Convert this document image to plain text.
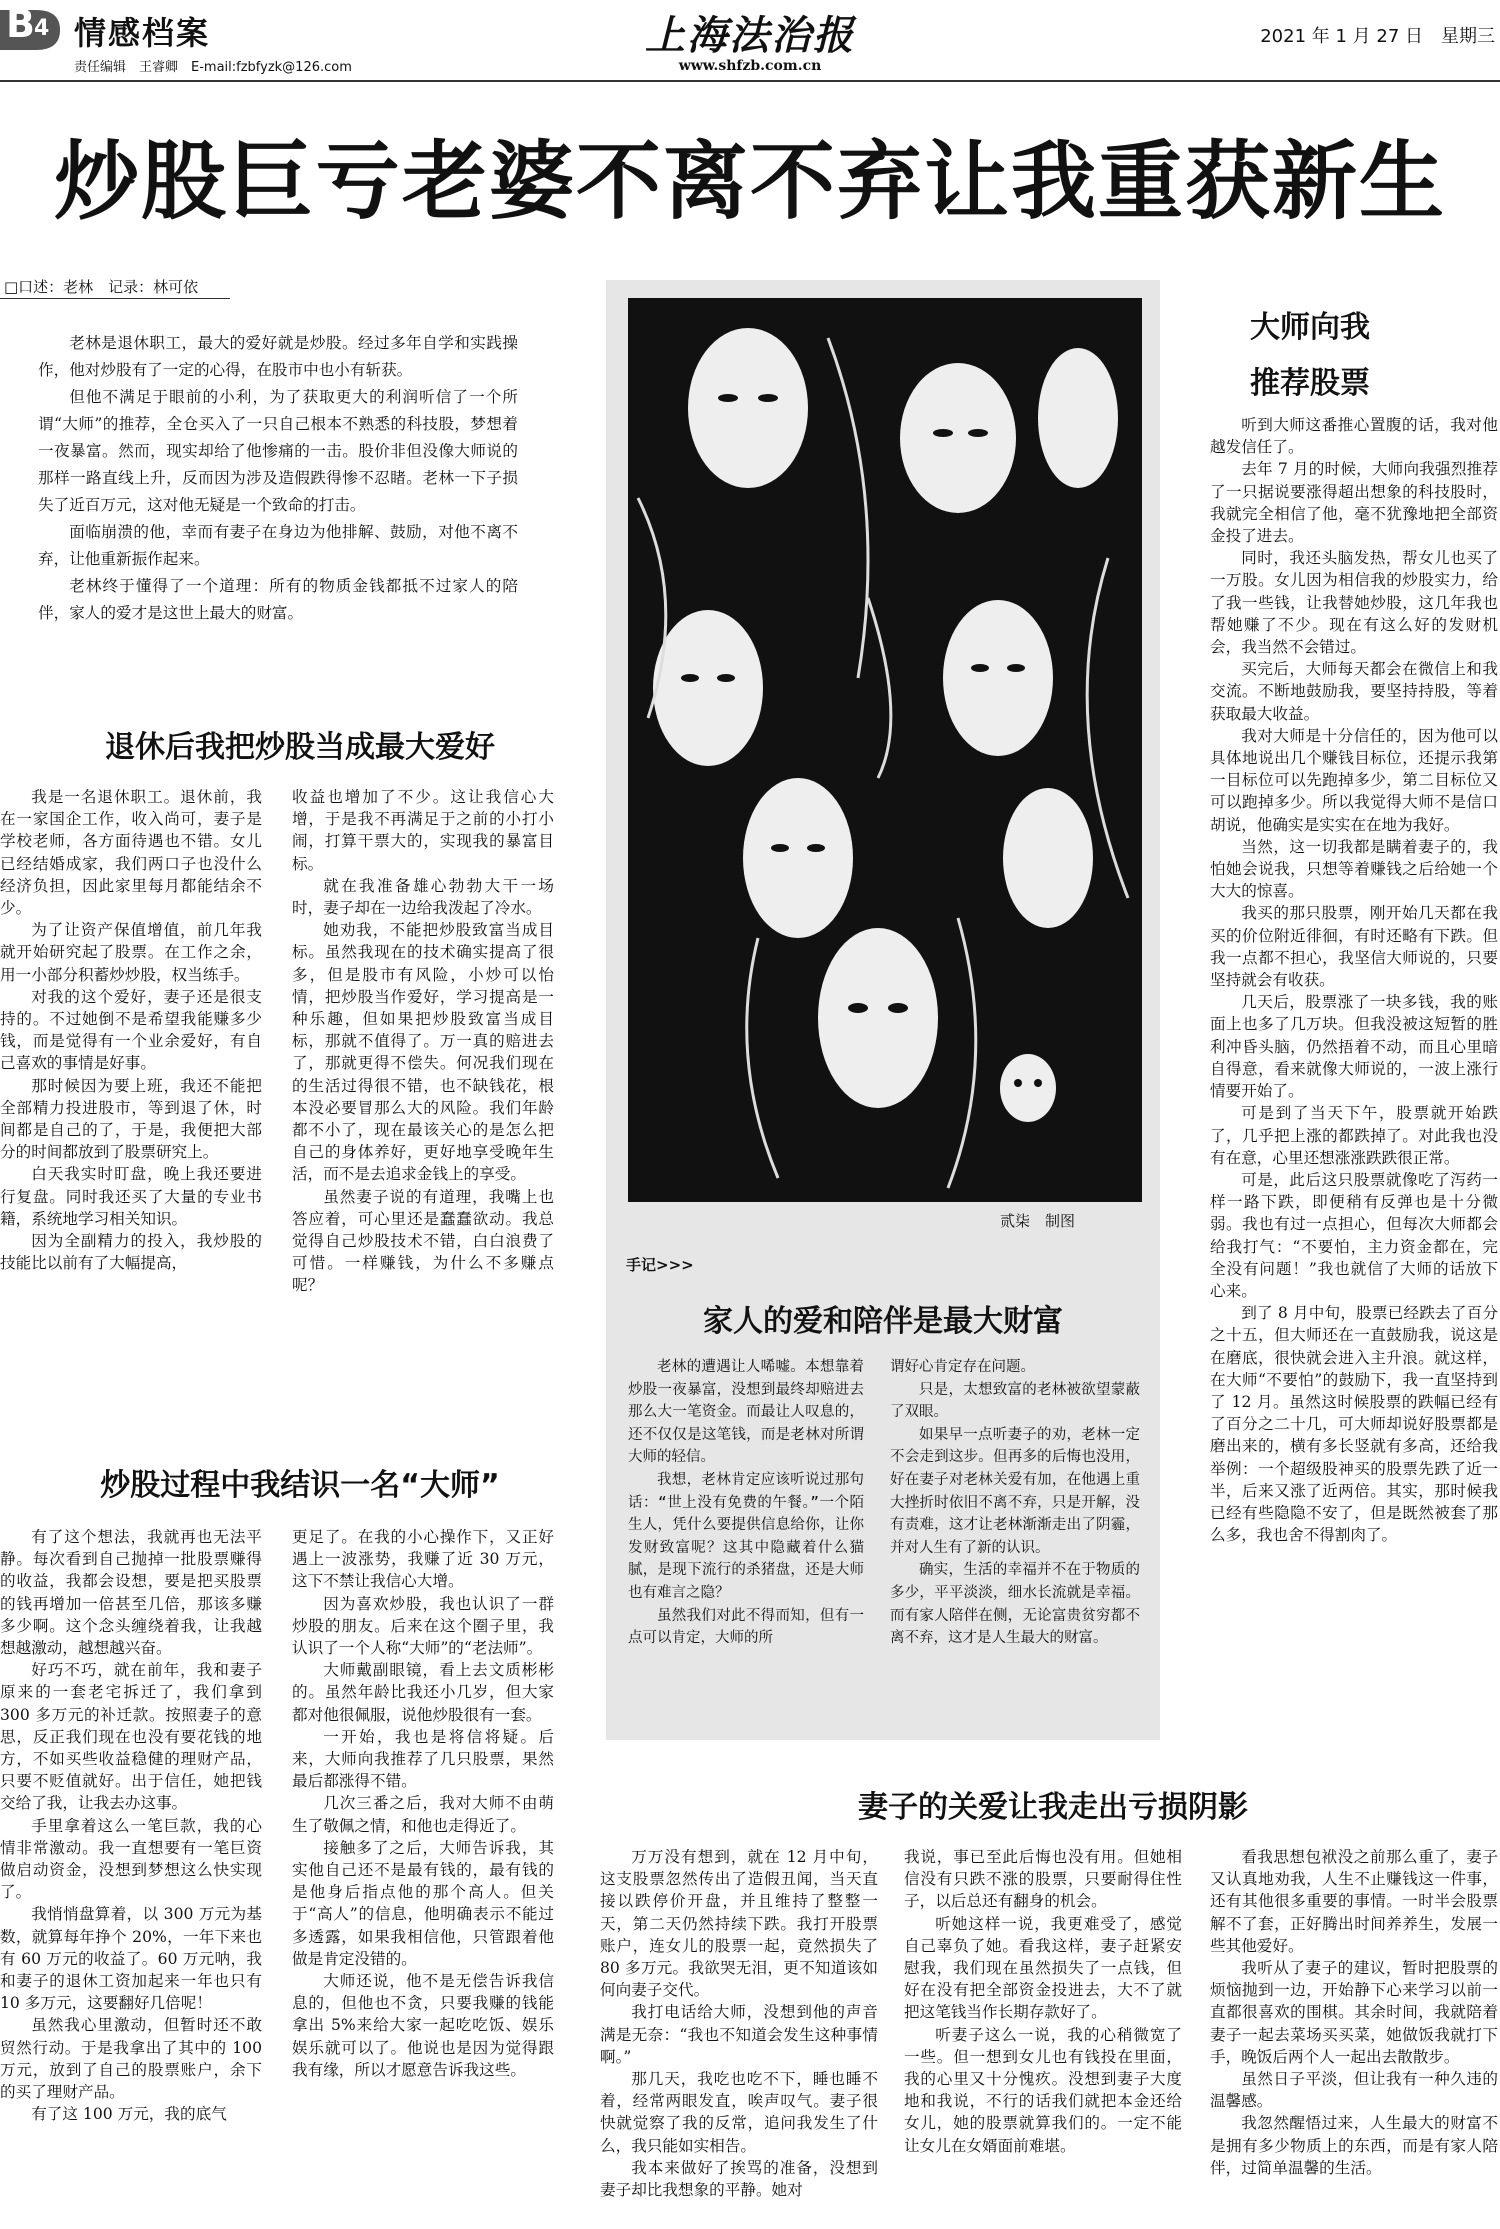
B 4 情感档案
责任编辑　王睿卿　E-mail:fzbfyzk@126.com
上海法治报
www.shfzb.com.cn
2021 年 1 月 27 日　星期三
炒股巨亏老婆不离不弃让我重获新生
□口述：老林　记录：林可依

老林是退休职工，最大的爱好就是炒股。经过多年自学和实践操作，他对炒股有了一定的心得，在股市中也小有斩获。

但他不满足于眼前的小利，为了获取更大的利润听信了一个所谓“大师”的推荐，全仓买入了一只自己根本不熟悉的科技股，梦想着一夜暴富。然而，现实却给了他惨痛的一击。股价非但没像大师说的那样一路直线上升，反而因为涉及造假跌得惨不忍睹。老林一下子损失了近百万元，这对他无疑是一个致命的打击。

面临崩溃的他，幸而有妻子在身边为他排解、鼓励，对他不离不弃，让他重新振作起来。

老林终于懂得了一个道理：所有的物质金钱都抵不过家人的陪伴，家人的爱才是这世上最大的财富。

退休后我把炒股当成最大爱好

我是一名退休职工。退休前，我在一家国企工作，收入尚可，妻子是学校老师，各方面待遇也不错。女儿已经结婚成家，我们两口子也没什么经济负担，因此家里每月都能结余不少。

为了让资产保值增值，前几年我就开始研究起了股票。在工作之余，用一小部分积蓄炒炒股，权当练手。

对我的这个爱好，妻子还是很支持的。不过她倒不是希望我能赚多少钱，而是觉得有一个业余爱好，有自己喜欢的事情是好事。

那时候因为要上班，我还不能把全部精力投进股市，等到退了休，时间都是自己的了，于是，我便把大部分的时间都放到了股票研究上。

白天我实时盯盘，晚上我还要进行复盘。同时我还买了大量的专业书籍，系统地学习相关知识。

因为全副精力的投入，我炒股的技能比以前有了大幅提高，

收益也增加了不少。这让我信心大增，于是我不再满足于之前的小打小闹，打算干票大的，实现我的暴富目标。

就在我准备雄心勃勃大干一场时，妻子却在一边给我泼起了冷水。

她劝我，不能把炒股致富当成目标。虽然我现在的技术确实提高了很多，但是股市有风险，小炒可以怡情，把炒股当作爱好，学习提高是一种乐趣，但如果把炒股致富当成目标，那就不值得了。万一真的赔进去了，那就更得不偿失。何况我们现在的生活过得很不错，也不缺钱花，根本没必要冒那么大的风险。我们年龄都不小了，现在最该关心的是怎么把自己的身体养好，更好地享受晚年生活，而不是去追求金钱上的享受。

虽然妻子说的有道理，我嘴上也答应着，可心里还是蠢蠢欲动。我总觉得自己炒股技术不错，白白浪费了可惜。一样赚钱，为什么不多赚点呢？

炒股过程中我结识一名“大师”

有了这个想法，我就再也无法平静。每次看到自己抛掉一批股票赚得的收益，我都会设想，要是把买股票的钱再增加一倍甚至几倍，那该多赚多少啊。这个念头缠绕着我，让我越想越激动，越想越兴奋。

好巧不巧，就在前年，我和妻子原来的一套老宅拆迁了，我们拿到 300 多万元的补迁款。按照妻子的意思，反正我们现在也没有要花钱的地方，不如买些收益稳健的理财产品，只要不贬值就好。出于信任，她把钱交给了我，让我去办这事。

手里拿着这么一笔巨款，我的心情非常激动。我一直想要有一笔巨资做启动资金，没想到梦想这么快实现了。

我悄悄盘算着，以 300 万元为基数，就算每年挣个 20%，一年下来也有 60 万元的收益了。60 万元呐，我和妻子的退休工资加起来一年也只有 10 多万元，这要翻好几倍呢！

虽然我心里激动，但暂时还不敢贸然行动。于是我拿出了其中的 100 万元，放到了自己的股票账户，余下的买了理财产品。

有了这 100 万元，我的底气

更足了。在我的小心操作下，又正好遇上一波涨势，我赚了近 30 万元，这下不禁让我信心大增。

因为喜欢炒股，我也认识了一群炒股的朋友。后来在这个圈子里，我认识了一个人称“大师”的“老法师”。

大师戴副眼镜，看上去文质彬彬的。虽然年龄比我还小几岁，但大家都对他很佩服，说他炒股很有一套。

一开始，我也是将信将疑。后来，大师向我推荐了几只股票，果然最后都涨得不错。

几次三番之后，我对大师不由萌生了敬佩之情，和他也走得近了。

接触多了之后，大师告诉我，其实他自己还不是最有钱的，最有钱的是他身后指点他的那个高人。但关于“高人”的信息，他明确表示不能过多透露，如果我相信他，只管跟着他做是肯定没错的。

大师还说，他不是无偿告诉我信息的，但他也不贪，只要我赚的钱能拿出 5%来给大家一起吃吃饭、娱乐娱乐就可以了。他说也是因为觉得跟我有缘，所以才愿意告诉我这些。

贰柒　制图
手记>>>
家人的爱和陪伴是最大财富

老林的遭遇让人唏嘘。本想靠着炒股一夜暴富，没想到最终却赔进去那么大一笔资金。而最让人叹息的，还不仅仅是这笔钱，而是老林对所谓大师的轻信。

我想，老林肯定应该听说过那句话：“世上没有免费的午餐。”一个陌生人，凭什么要提供信息给你，让你发财致富呢？这其中隐藏着什么猫腻，是现下流行的杀猪盘，还是大师也有难言之隐？

虽然我们对此不得而知，但有一点可以肯定，大师的所

谓好心肯定存在问题。

只是，太想致富的老林被欲望蒙蔽了双眼。

如果早一点听妻子的劝，老林一定不会走到这步。但再多的后悔也没用，好在妻子对老林关爱有加，在他遇上重大挫折时依旧不离不弃，只是开解，没有责难，这才让老林渐渐走出了阴霾，并对人生有了新的认识。

确实，生活的幸福并不在于物质的多少，平平淡淡，细水长流就是幸福。而有家人陪伴在侧，无论富贵贫穷都不离不弃，这才是人生最大的财富。

大师向我
推荐股票

听到大师这番推心置腹的话，我对他越发信任了。

去年 7 月的时候，大师向我强烈推荐了一只据说要涨得超出想象的科技股时，我就完全相信了他，毫不犹豫地把全部资金投了进去。

同时，我还头脑发热，帮女儿也买了一万股。女儿因为相信我的炒股实力，给了我一些钱，让我替她炒股，这几年我也帮她赚了不少。现在有这么好的发财机会，我当然不会错过。

买完后，大师每天都会在微信上和我交流。不断地鼓励我，要坚持持股，等着获取最大收益。

我对大师是十分信任的，因为他可以具体地说出几个赚钱目标位，还提示我第一目标位可以先跑掉多少，第二目标位又可以跑掉多少。所以我觉得大师不是信口胡说，他确实是实实在在地为我好。

当然，这一切我都是瞒着妻子的，我怕她会说我，只想等着赚钱之后给她一个大大的惊喜。

我买的那只股票，刚开始几天都在我买的价位附近徘徊，有时还略有下跌。但我一点都不担心，我坚信大师说的，只要坚持就会有收获。

几天后，股票涨了一块多钱，我的账面上也多了几万块。但我没被这短暂的胜利冲昏头脑，仍然捂着不动，而且心里暗自得意，看来就像大师说的，一波上涨行情要开始了。

可是到了当天下午，股票就开始跌了，几乎把上涨的都跌掉了。对此我也没有在意，心里还想涨涨跌跌很正常。

可是，此后这只股票就像吃了泻药一样一路下跌，即便稍有反弹也是十分微弱。我也有过一点担心，但每次大师都会给我打气：“不要怕，主力资金都在，完全没有问题！”我也就信了大师的话放下心来。

到了 8 月中旬，股票已经跌去了百分之十五，但大师还在一直鼓励我，说这是在磨底，很快就会进入主升浪。就这样，在大师“不要怕”的鼓励下，我一直坚持到了 12 月。虽然这时候股票的跌幅已经有了百分之二十几，可大师却说好股票都是磨出来的，横有多长竖就有多高，还给我举例：一个超级股神买的股票先跌了近一半，后来又涨了近两倍。其实，那时候我已经有些隐隐不安了，但是既然被套了那么多，我也舍不得割肉了。

妻子的关爱让我走出亏损阴影

万万没有想到，就在 12 月中旬，这支股票忽然传出了造假丑闻，当天直接以跌停价开盘，并且维持了整整一天，第二天仍然持续下跌。我打开股票账户，连女儿的股票一起，竟然损失了 80 多万元。我欲哭无泪，更不知道该如何向妻子交代。

我打电话给大师，没想到他的声音满是无奈：“我也不知道会发生这种事情啊。”

那几天，我吃也吃不下，睡也睡不着，经常两眼发直，唉声叹气。妻子很快就觉察了我的反常，追问我发生了什么，我只能如实相告。

我本来做好了挨骂的准备，没想到妻子却比我想象的平静。她对

我说，事已至此后悔也没有用。但她相信没有只跌不涨的股票，只要耐得住性子，以后总还有翻身的机会。

听她这样一说，我更难受了，感觉自己辜负了她。看我这样，妻子赶紧安慰我，我们现在虽然损失了一点钱，但好在没有把全部资金投进去，大不了就把这笔钱当作长期存款好了。

听妻子这么一说，我的心稍微宽了一些。但一想到女儿也有钱投在里面，我的心里又十分愧疚。没想到妻子大度地和我说，不行的话我们就把本金还给女儿，她的股票就算我们的。一定不能让女儿在女婿面前难堪。

看我思想包袱没之前那么重了，妻子又认真地劝我，人生不止赚钱这一件事，还有其他很多重要的事情。一时半会股票解不了套，正好腾出时间养养生，发展一些其他爱好。

我听从了妻子的建议，暂时把股票的烦恼抛到一边，开始静下心来学习以前一直都很喜欢的围棋。其余时间，我就陪着妻子一起去菜场买买菜，她做饭我就打下手，晚饭后两个人一起出去散散步。

虽然日子平淡，但让我有一种久违的温馨感。

我忽然醒悟过来，人生最大的财富不是拥有多少物质上的东西，而是有家人陪伴，过简单温馨的生活。
